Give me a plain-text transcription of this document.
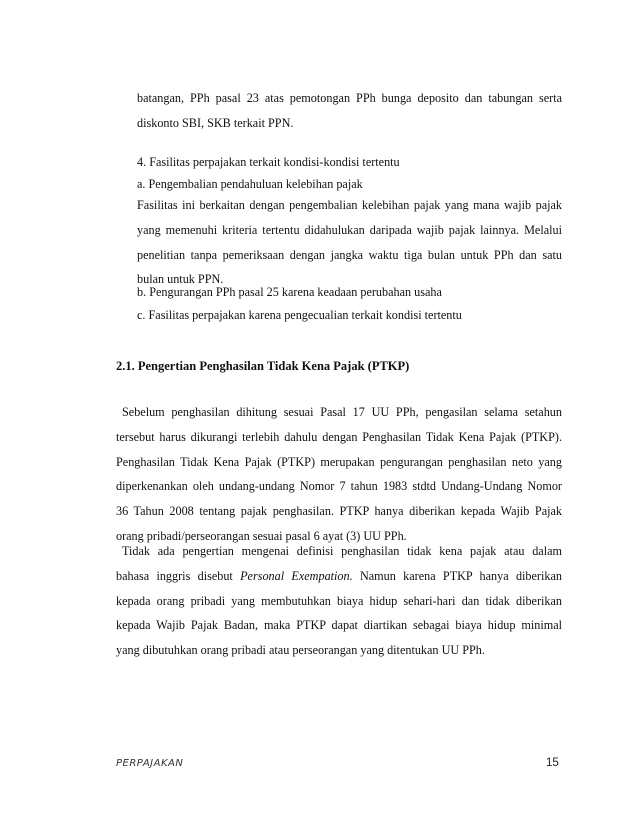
batangan, PPh pasal 23 atas pemotongan PPh bunga deposito dan tabungan serta
diskonto SBI, SKB terkait PPN.
4. Fasilitas perpajakan terkait kondisi-kondisi tertentu
a. Pengembalian pendahuluan kelebihan pajak
Fasilitas ini berkaitan dengan pengembalian kelebihan pajak yang mana wajib pajak
yang memenuhi kriteria tertentu didahulukan daripada wajib pajak lainnya. Melalui
penelitian tanpa pemeriksaan dengan jangka waktu tiga bulan untuk PPh dan satu
bulan untuk PPN.
b. Pengurangan PPh pasal 25 karena keadaan perubahan usaha
c. Fasilitas perpajakan karena pengecualian terkait kondisi tertentu
2.1. Pengertian Penghasilan Tidak Kena Pajak (PTKP)
Sebelum penghasilan dihitung sesuai Pasal 17 UU PPh, pengasilan selama setahun
tersebut harus dikurangi terlebih dahulu dengan Penghasilan Tidak Kena Pajak (PTKP).
Penghasilan Tidak Kena Pajak (PTKP) merupakan pengurangan penghasilan neto yang
diperkenankan oleh undang-undang Nomor 7 tahun 1983 stdtd Undang-Undang Nomor
36 Tahun 2008 tentang pajak penghasilan. PTKP hanya diberikan kepada Wajib Pajak
orang pribadi/perseorangan sesuai pasal 6 ayat (3) UU PPh.
Tidak ada pengertian mengenai definisi penghasilan tidak kena pajak atau dalam
bahasa inggris disebut Personal Exempation. Namun karena PTKP hanya diberikan
kepada orang pribadi yang membutuhkan biaya hidup sehari-hari dan tidak diberikan
kepada Wajib Pajak Badan, maka PTKP dapat diartikan sebagai biaya hidup minimal
yang dibutuhkan orang pribadi atau perseorangan yang ditentukan UU PPh.
PERPAJAKAN	15
